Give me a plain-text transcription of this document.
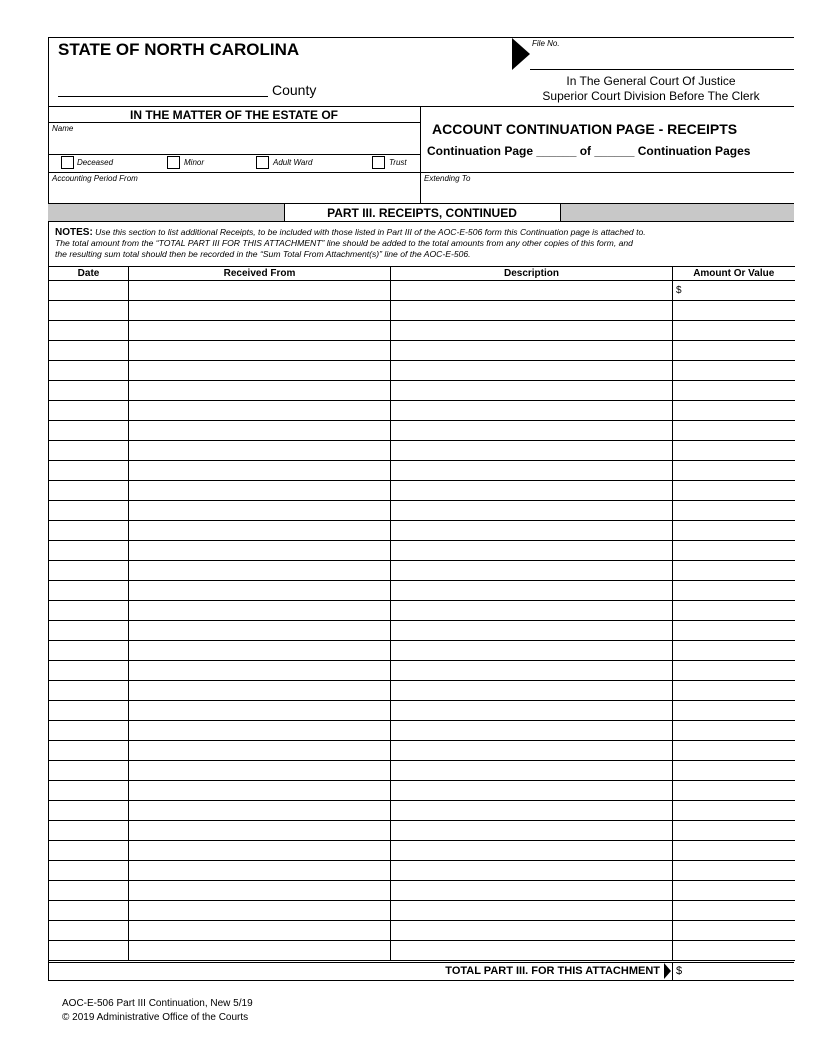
STATE OF NORTH CAROLINA	File No.
County
In The General Court Of Justice
Superior Court Division Before The Clerk
IN THE MATTER OF THE ESTATE OF
Name
Deceased	Minor	Adult Ward	Trust
ACCOUNT CONTINUATION PAGE - RECEIPTS
Continuation Page ______ of ______ Continuation Pages
Accounting Period From	Extending To
PART III. RECEIPTS, CONTINUED
NOTES: Use this section to list additional Receipts, to be included with those listed in Part III of the AOC-E-506 form this Continuation page is attached to.
The total amount from the “TOTAL PART III FOR THIS ATTACHMENT” line should be added to the total amounts from any other copies of this form, and
the resulting sum total should then be recorded in the “Sum Total From Attachment(s)” line of the AOC-E-506.
Date	Received From	Description	Amount Or Value
			$

TOTAL PART III. FOR THIS ATTACHMENT $
AOC-E-506 Part III Continuation, New 5/19
© 2019 Administrative Office of the Courts
